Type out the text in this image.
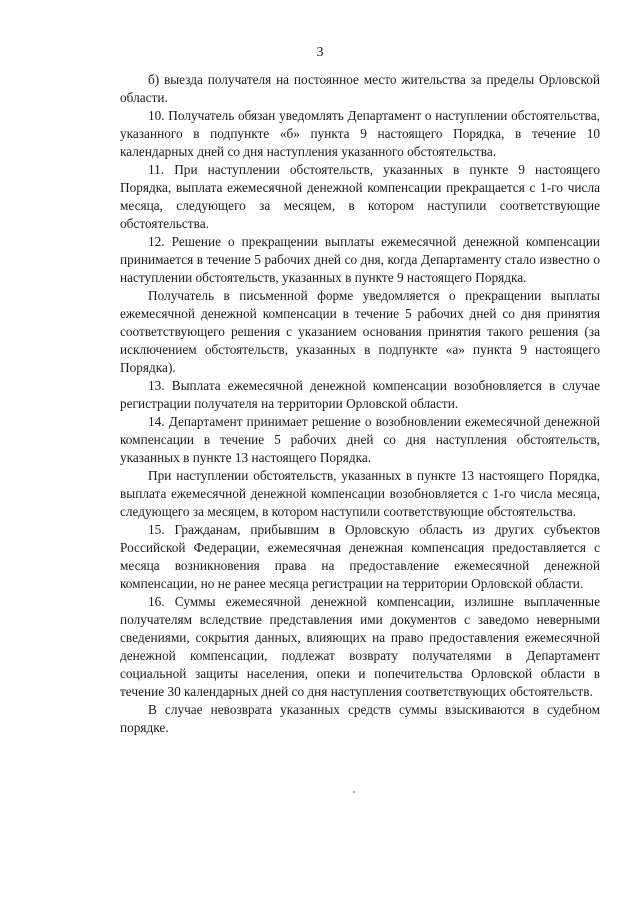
3

б) выезда получателя на постоянное место жительства за пределы Орловской области.

10. Получатель обязан уведомлять Департамент о наступлении обстоятельства, указанного в подпункте «б» пункта 9 настоящего Порядка, в течение 10 календарных дней со дня наступления указанного обстоятельства.

11. При наступлении обстоятельств, указанных в пункте 9 настоящего Порядка, выплата ежемесячной денежной компенсации прекращается с 1-го числа месяца, следующего за месяцем, в котором наступили соответствующие обстоятельства.

12. Решение о прекращении выплаты ежемесячной денежной компенсации принимается в течение 5 рабочих дней со дня, когда Департаменту стало известно о наступлении обстоятельств, указанных в пункте 9 настоящего Порядка.

Получатель в письменной форме уведомляется о прекращении выплаты ежемесячной денежной компенсации в течение 5 рабочих дней со дня принятия соответствующего решения с указанием основания принятия такого решения (за исключением обстоятельств, указанных в подпункте «а» пункта 9 настоящего Порядка).

13. Выплата ежемесячной денежной компенсации возобновляется в случае регистрации получателя на территории Орловской области.

14. Департамент принимает решение о возобновлении ежемесячной денежной компенсации в течение 5 рабочих дней со дня наступления обстоятельств, указанных в пункте 13 настоящего Порядка.

При наступлении обстоятельств, указанных в пункте 13 настоящего Порядка, выплата ежемесячной денежной компенсации возобновляется с 1-го числа месяца, следующего за месяцем, в котором наступили соответствующие обстоятельства.

15. Гражданам, прибывшим в Орловскую область из других субъектов Российской Федерации, ежемесячная денежная компенсация предоставляется с месяца возникновения права на предоставление ежемесячной денежной компенсации, но не ранее месяца регистрации на территории Орловской области.

16. Суммы ежемесячной денежной компенсации, излишне выплаченные получателям вследствие представления ими документов с заведомо неверными сведениями, сокрытия данных, влияющих на право предоставления ежемесячной денежной компенсации, подлежат возврату получателями в Департамент социальной защиты населения, опеки и попечительства Орловской области в течение 30 календарных дней со дня наступления соответствующих обстоятельств.

В случае невозврата указанных средств суммы взыскиваются в судебном порядке.
